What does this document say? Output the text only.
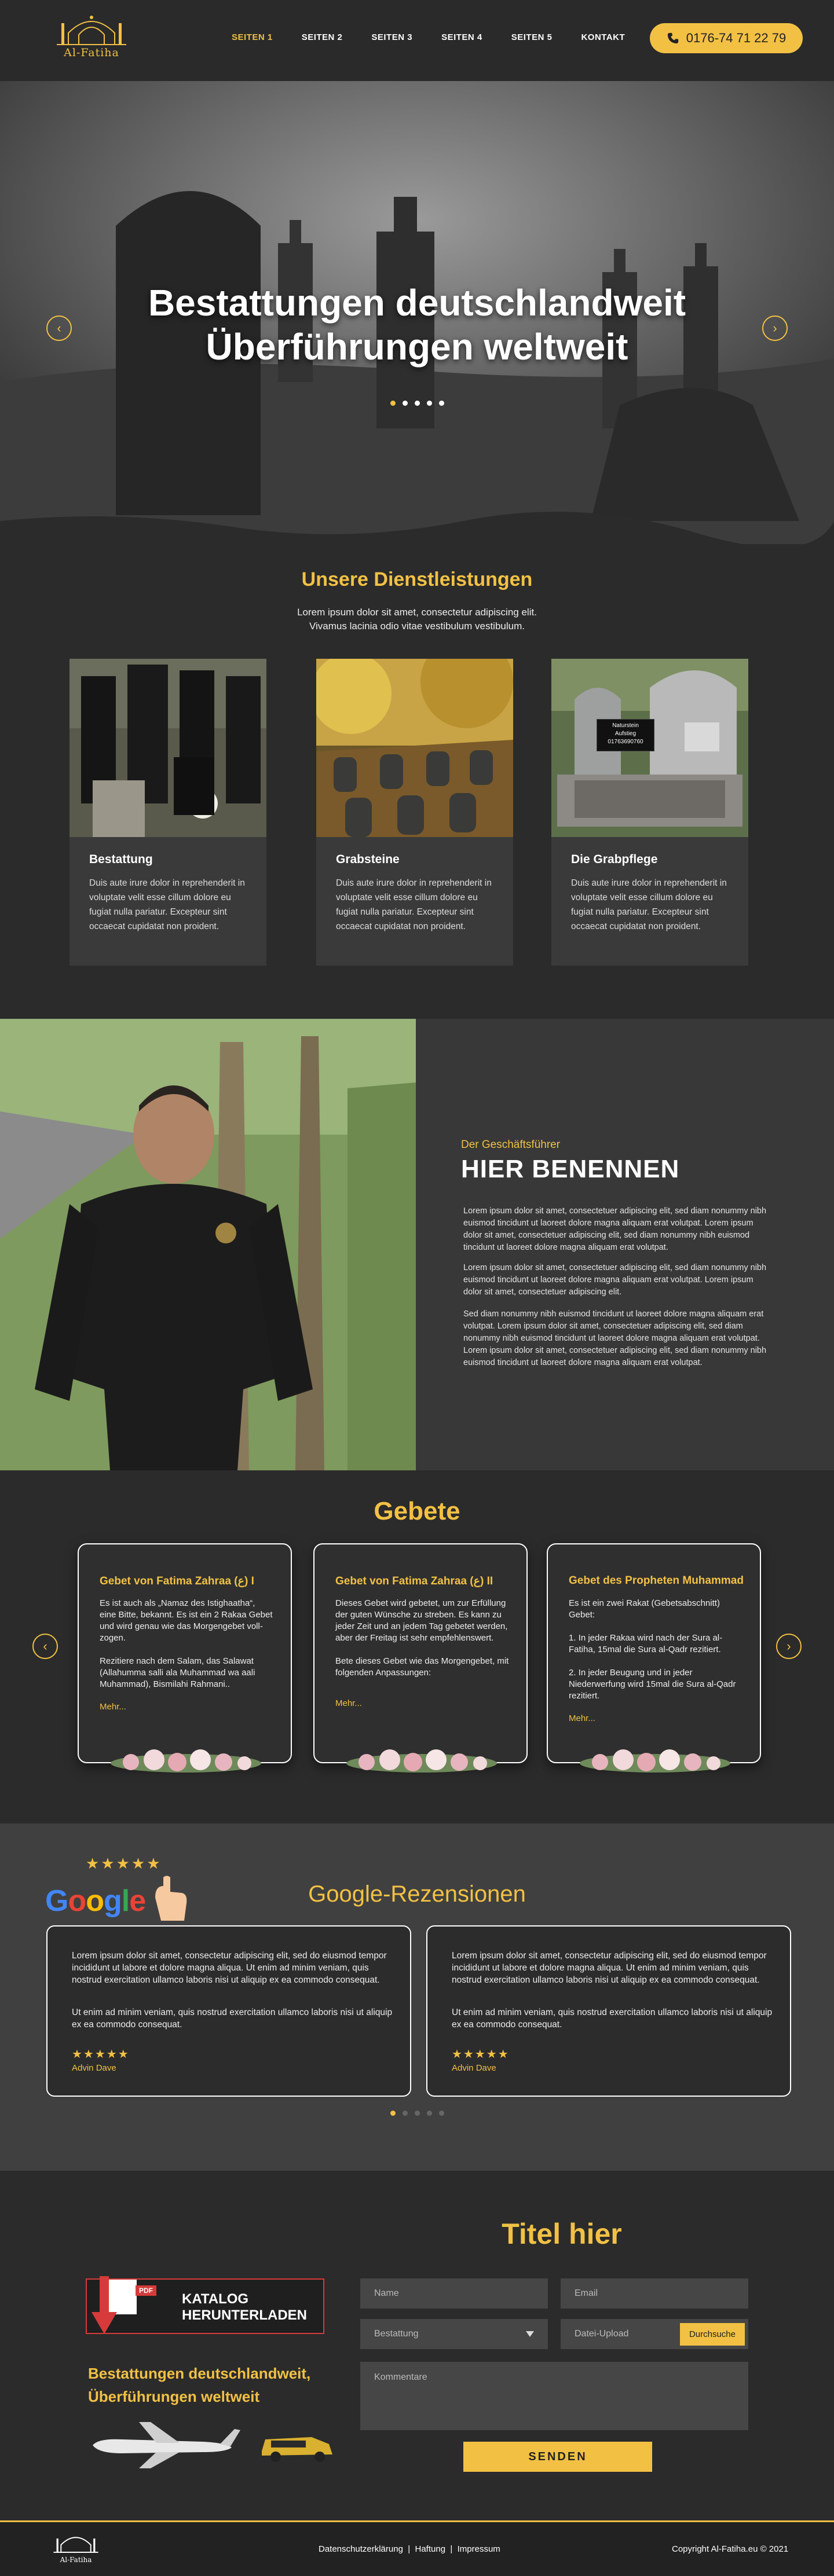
Al-Fatiha
SEITEN 1	SEITEN 2	SEITEN 3	SEITEN 4	SEITEN 5	KONTAKT	0176-74 71 22 79
Bestattungen deutschlandweit
Überführungen weltweit
‹	›
Unsere Dienstleistungen
Lorem ipsum dolor sit amet, consectetur adipiscing elit.
Vivamus lacinia odio vitae vestibulum vestibulum.
Bestattung

Duis aute irure dolor in reprehenderit in voluptate velit esse cillum dolore eu fugiat nulla pariatur. Excepteur sint occaecat cupidatat non proident.

Grabsteine

Duis aute irure dolor in reprehenderit in voluptate velit esse cillum dolore eu fugiat nulla pariatur. Excepteur sint occaecat cupidatat non proident.

Naturstein
Aufstieg
01763690760
Die Grabpflege

Duis aute irure dolor in reprehenderit in voluptate velit esse cillum dolore eu fugiat nulla pariatur. Excepteur sint occaecat cupidatat non proident.

Der Geschäftsführer
HIER BENENNEN

Lorem ipsum dolor sit amet, consectetuer adipiscing elit, sed diam nonummy nibh euismod tincidunt ut laoreet dolore magna aliquam erat volutpat. Lorem ipsum dolor sit amet, consectetuer adipiscing elit, sed diam nonummy nibh euismod tincidunt ut laoreet dolore magna aliquam erat volutpat.

Lorem ipsum dolor sit amet, consectetuer adipiscing elit, sed diam nonummy nibh euismod tincidunt ut laoreet dolore magna aliquam erat volutpat. Lorem ipsum dolor sit amet, consectetuer adipiscing elit.

Sed diam nonummy nibh euismod tincidunt ut laoreet dolore magna aliquam erat volutpat. Lorem ipsum dolor sit amet, consectetuer adipiscing elit, sed diam nonummy nibh euismod tincidunt ut laoreet dolore magna aliquam erat volutpat. Lorem ipsum dolor sit amet, consectetuer adipiscing elit, sed diam nonummy nibh euismod tincidunt ut laoreet dolore magna aliquam erat volutpat.

Gebete
‹	›
Gebet von Fatima Zahraa (ع) I

Es ist auch als „Namaz des Istighaatha“, eine Bitte, bekannt. Es ist ein 2 Rakaa Gebet und wird genau wie das Morgengebet vollzogen.

Rezitiere nach dem Salam, das Salawat (Allahumma salli ala Muhammad wa aali Muhammad), Bismilahi Rahmani..

Mehr...
Gebet von Fatima Zahraa (ع) II

Dieses Gebet wird gebetet, um zur Erfüllung der guten Wünsche zu streben. Es kann zu jeder Zeit und an jedem Tag gebetet werden, aber der Freitag ist sehr empfehlenswert.

Bete dieses Gebet wie das Morgengebet, mit folgenden Anpassungen:

Mehr...
Gebet des Propheten Muhammad

Es ist ein zwei Rakat (Gebetsabschnitt) Gebet:

1. In jeder Rakaa wird nach der Sura al-Fatiha, 15mal die Sura al-Qadr rezitiert.

2. In jeder Beugung und in jeder Niederwerfung wird 15mal die Sura al-Qadr rezitiert.

Mehr...
★★★★★
Google	Google-Rezensionen

Lorem ipsum dolor sit amet, consectetur adipiscing elit, sed do eiusmod tempor incididunt ut labore et dolore magna aliqua. Ut enim ad minim veniam, quis nostrud exercitation ullamco laboris nisi ut aliquip ex ea commodo consequat.

Ut enim ad minim veniam, quis nostrud exercitation ullamco laboris nisi ut aliquip ex ea commodo consequat.

★★★★★
Advin Dave

Lorem ipsum dolor sit amet, consectetur adipiscing elit, sed do eiusmod tempor incididunt ut labore et dolore magna aliqua. Ut enim ad minim veniam, quis nostrud exercitation ullamco laboris nisi ut aliquip ex ea commodo consequat.

Ut enim ad minim veniam, quis nostrud exercitation ullamco laboris nisi ut aliquip ex ea commodo consequat.

★★★★★
Advin Dave
Titel hier
PDF
KATALOG
HERUNTERLADEN
Bestattungen deutschlandweit,
Überführungen weltweit
Name	Email
Bestattung	Datei-Upload	Durchsuche
Kommentare
SENDEN
Al-Fatiha
Datenschutzerklärung  |  Haftung  |  Impressum	Copyright Al-Fatiha.eu © 2021
